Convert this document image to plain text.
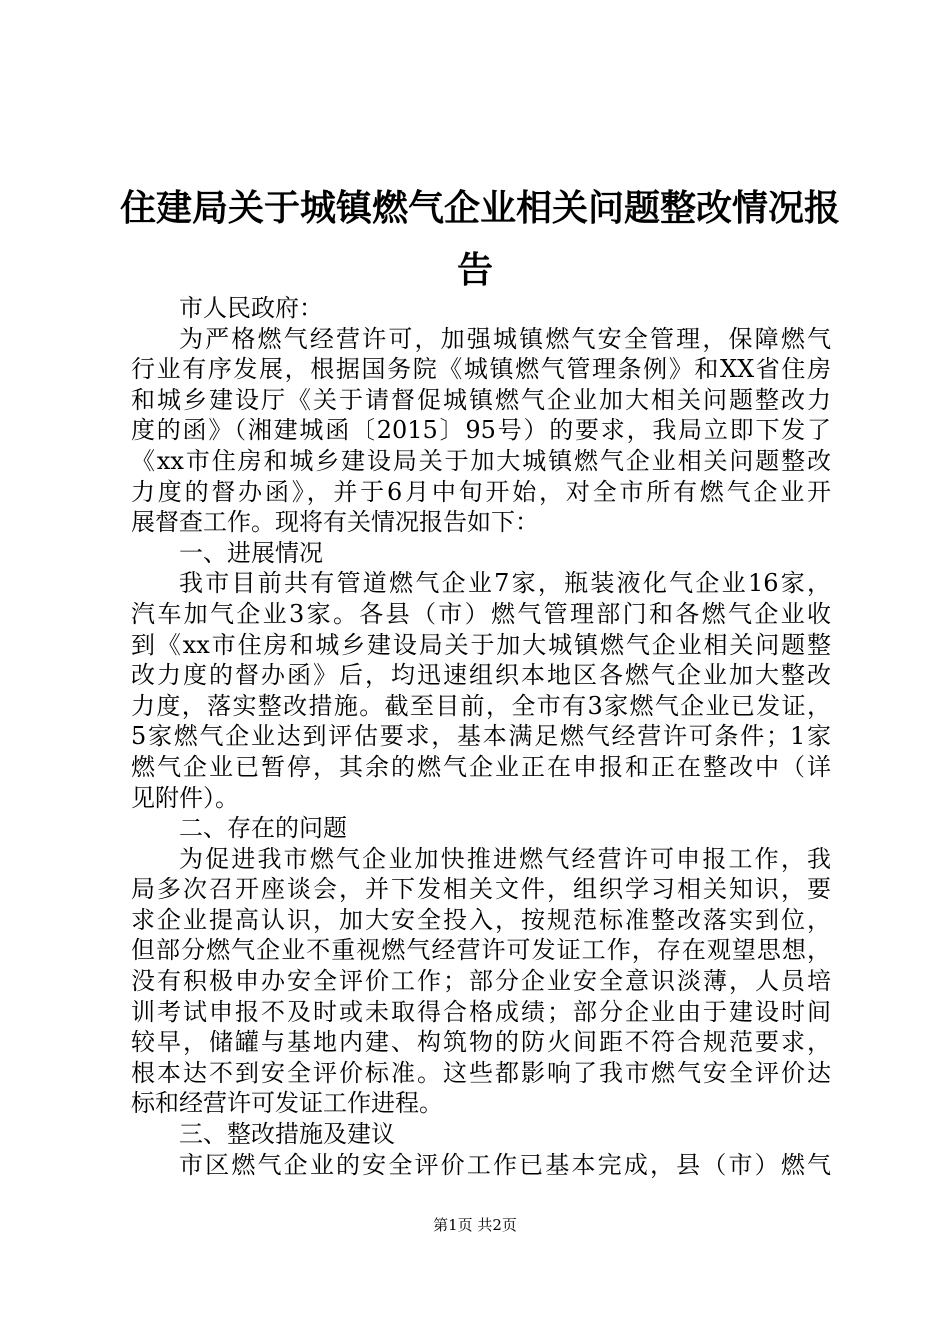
住建局关于城镇燃气企业相关问题整改情况报
告
市人民政府：
为严格燃气经营许可，加强城镇燃气安全管理，保障燃气
行业有序发展，根据国务院《城镇燃气管理条例》和XX省住房
和城乡建设厅《关于请督促城镇燃气企业加大相关问题整改力
度的函》（湘建城函〔2015〕95号）的要求，我局立即下发了
《xx市住房和城乡建设局关于加大城镇燃气企业相关问题整改
力度的督办函》，并于6月中旬开始，对全市所有燃气企业开
展督查工作。现将有关情况报告如下：
一、进展情况
我市目前共有管道燃气企业7家，瓶装液化气企业16家，
汽车加气企业3家。各县（市）燃气管理部门和各燃气企业收
到《xx市住房和城乡建设局关于加大城镇燃气企业相关问题整
改力度的督办函》后，均迅速组织本地区各燃气企业加大整改
力度，落实整改措施。截至目前，全市有3家燃气企业已发证，
5家燃气企业达到评估要求，基本满足燃气经营许可条件；1家
燃气企业已暂停，其余的燃气企业正在申报和正在整改中（详
见附件）。
二、存在的问题
为促进我市燃气企业加快推进燃气经营许可申报工作，我
局多次召开座谈会，并下发相关文件，组织学习相关知识，要
求企业提高认识，加大安全投入，按规范标准整改落实到位，
但部分燃气企业不重视燃气经营许可发证工作，存在观望思想，
没有积极申办安全评价工作；部分企业安全意识淡薄，人员培
训考试申报不及时或未取得合格成绩；部分企业由于建设时间
较早，储罐与基地内建、构筑物的防火间距不符合规范要求，
根本达不到安全评价标准。这些都影响了我市燃气安全评价达
标和经营许可发证工作进程。
三、整改措施及建议
市区燃气企业的安全评价工作已基本完成，县（市）燃气
第1页 共2页
